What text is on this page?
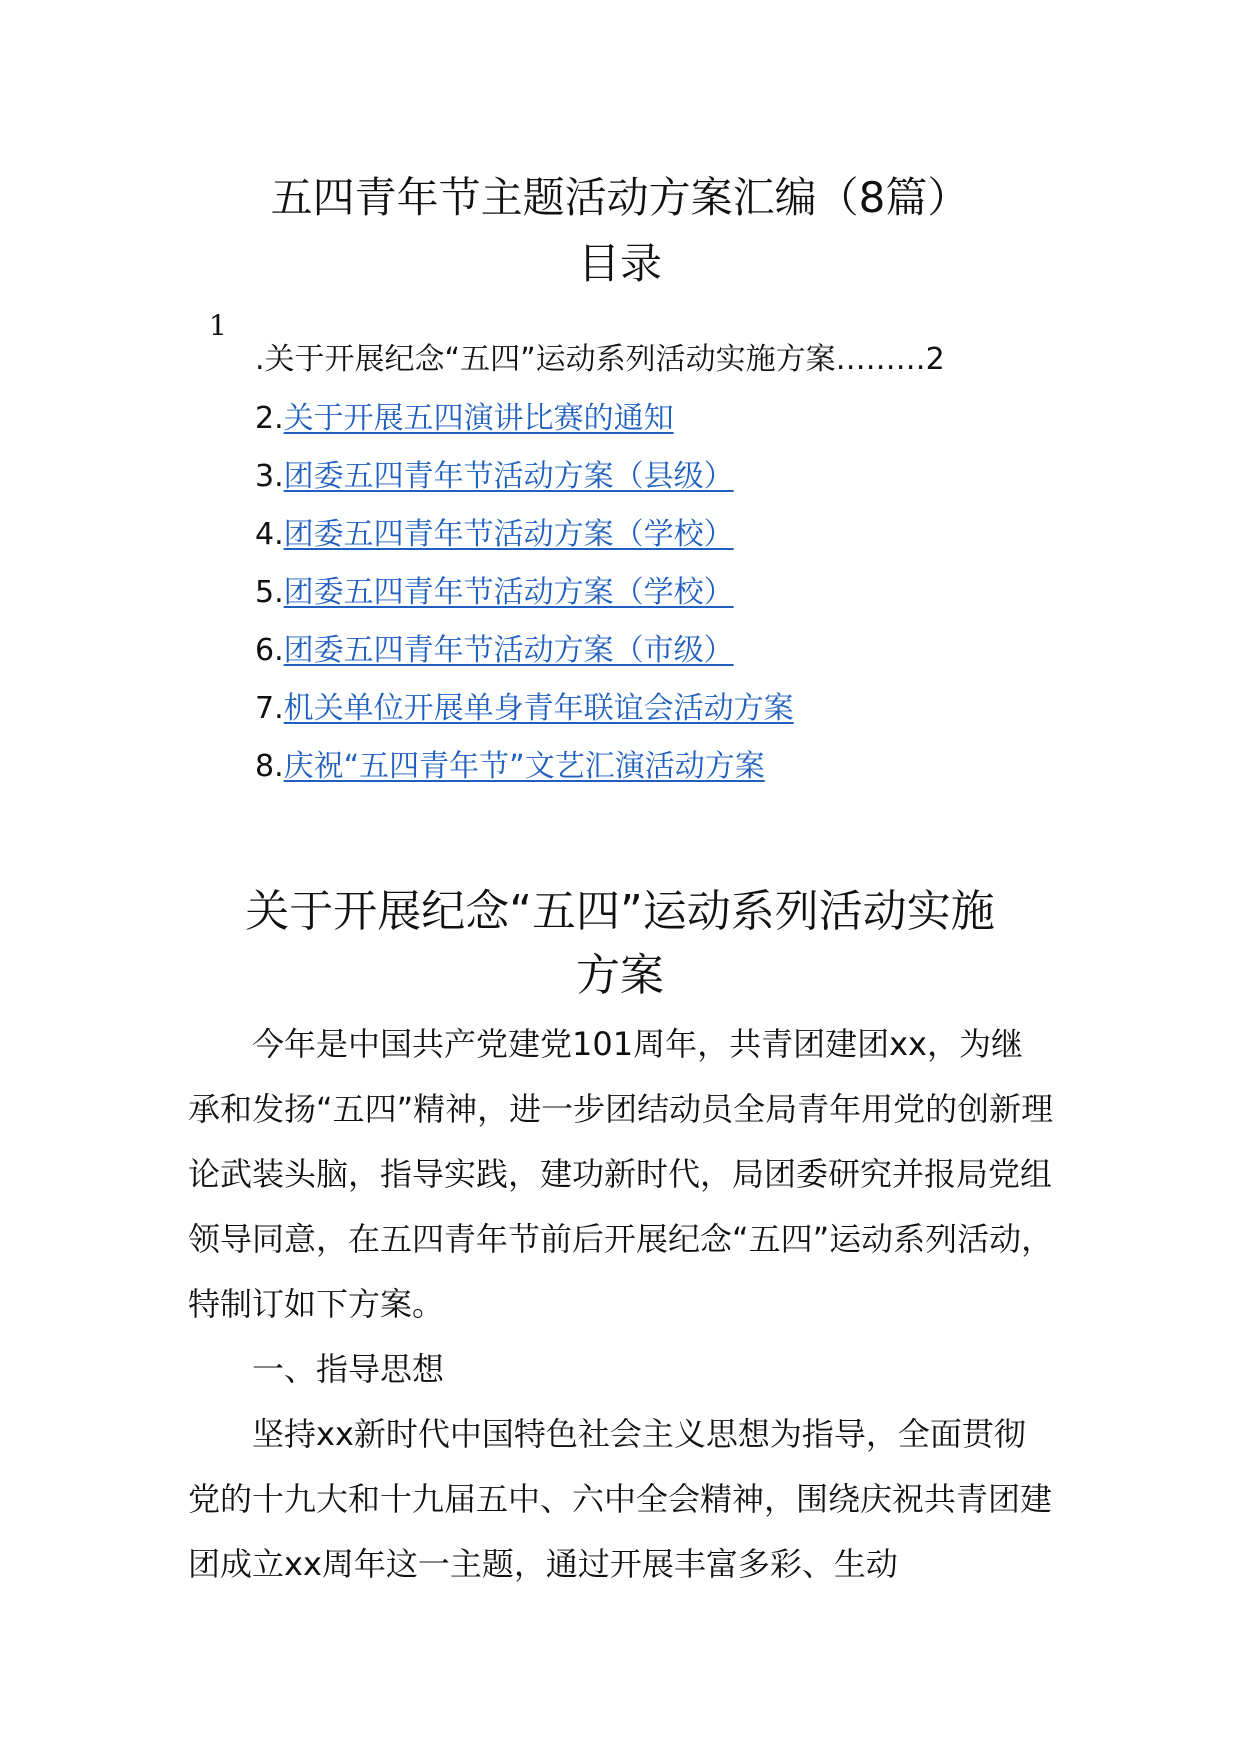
五四青年节主题活动方案汇编（8篇）
目录
1
.关于开展纪念“五四”运动系列活动实施方案………2
2.关于开展五四演讲比赛的通知
3.团委五四青年节活动方案（县级）
4.团委五四青年节活动方案（学校）
5.团委五四青年节活动方案（学校）
6.团委五四青年节活动方案（市级）
7.机关单位开展单身青年联谊会活动方案
8.庆祝“五四青年节”文艺汇演活动方案
关于开展纪念“五四”运动系列活动实施
方案

今年是中国共产党建党101周年，共青团建团xx，为继承和发扬“五四”精神，进一步团结动员全局青年用党的创新理论武装头脑，指导实践，建功新时代，局团委研究并报局党组领导同意，在五四青年节前后开展纪念“五四”运动系列活动，特制订如下方案。

一、指导思想

坚持xx新时代中国特色社会主义思想为指导，全面贯彻党的十九大和十九届五中、六中全会精神，围绕庆祝共青团建团成立xx周年这一主题，通过开展丰富多彩、生动
